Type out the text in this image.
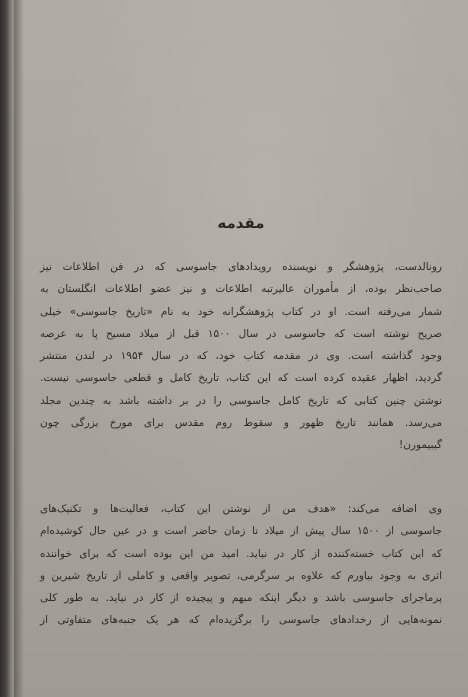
مقدمه
رونالدست، پژوهشگر و نویسنده رویدادهای جاسوسی که در فن اطلاعات نیز
صاحب‌نظر بوده، از مأموران عالیرتبه اطلاعات و نیز عضو اطلاعات انگلستان به
شمار می‌رفته است. او در کتاب پژوهشگرانه خود به نام «تاریخ جاسوسی» خیلی
صریح نوشته است که جاسوسی در سال ۱۵۰۰ قبل از میلاد مسیح پا به عرصه
وجود گذاشته است. وی در مقدمه کتاب خود، که در سال ۱۹۵۴ در لندن منتشر
گردید، اظهار عقیده کرده است که این کتاب، تاریخ کامل و قطعی جاسوسی نیست.
نوشتن چنین کتابی که تاریخ کامل جاسوسی را در بر داشته باشد به چندین مجلد
می‌رسد. همانند تاریخ ظهور و سقوط روم مقدس برای مورخ بزرگی چون
گیبیمورن!
وی اضافه می‌کند: «هدف من از نوشتن این کتاب، فعالیت‌ها و تکنیک‌های
جاسوسی از ۱۵۰۰ سال پیش از میلاد تا زمان حاضر است و در عین حال کوشیده‌ام
که این کتاب خسته‌کننده از کار در نیاید. امید من این بوده است که برای خواننده
اثری به وجود بیاورم که علاوه بر سرگرمی، تصویر واقعی و کاملی از تاریخ شیرین و
پرماجرای جاسوسی باشد و دیگر اینکه مبهم و پیچیده از کار در نیاید. به طور کلی
نمونه‌هایی از رخدادهای جاسوسی را برگزیده‌ام که هر یک جنبه‌های متفاوتی از
